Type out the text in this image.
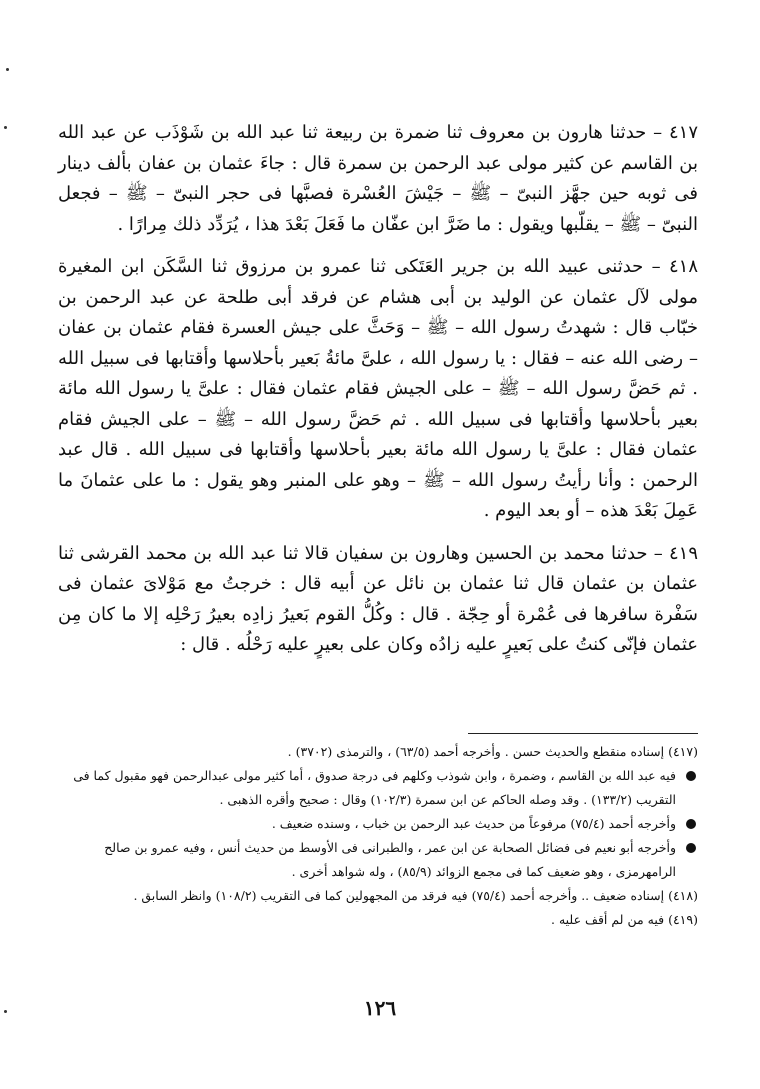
٤١٧ – حدثنا هارون بن معروف ثنا ضمرة بن ربيعة ثنا عبد الله بن شَوْذَب عن عبد الله بن القاسم عن كثير مولى عبد الرحمن بن سمرة قال : جاءَ عثمان بن عفان بألف دينار فى ثوبه حين جهَّز النبىّ – ﷺ – جَيْشَ العُسْرة فصبَّها فى حجر النبىّ – ﷺ – فجعل النبىّ – ﷺ – يقلّبها ويقول : ما ضَرَّ ابن عفّان ما فَعَلَ بَعْدَ هذا ، يُرَدِّد ذلك مِرارًا .

٤١٨ – حدثنى عبيد الله بن جرير العَتَكى ثنا عمرو بن مرزوق ثنا السَّكَن ابن المغيرة مولى لآل عثمان عن الوليد بن أبى هشام عن فرقد أبى طلحة عن عبد الرحمن بن خبّاب قال : شهدتُ رسول الله – ﷺ – وَحَثَّ على جيش العسرة فقام عثمان بن عفان – رضى الله عنه – فقال : يا رسول الله ، علىَّ مائةُ بَعير بأحلاسها وأقتابها فى سبيل الله . ثم حَضَّ رسول الله – ﷺ – على الجيش فقام عثمان فقال : علىَّ يا رسول الله مائة بعير بأحلاسها وأقتابها فى سبيل الله . ثم حَضَّ رسول الله – ﷺ – على الجيش فقام عثمان فقال : علىَّ يا رسول الله مائة بعير بأحلاسها وأقتابها فى سبيل الله . قال عبد الرحمن : وأنا رأيتُ رسول الله – ﷺ – وهو على المنبر وهو يقول : ما على عثمانَ ما عَمِلَ بَعْدَ هذه – أو بعد اليوم .

٤١٩ – حدثنا محمد بن الحسين وهارون بن سفيان قالا ثنا عبد الله بن محمد القرشى ثنا عثمان بن عثمان قال ثنا عثمان بن نائل عن أبيه قال : خرجتُ مع مَوْلاىَ عثمان فى سَفْرة سافرها فى عُمْرة أو حِجّة . قال : وكُلُّ القوم بَعيرُ زادِه بعيرُ رَحْلِه إلا ما كان مِن عثمان فإنّى كنتُ على بَعيرٍ عليه زادُه وكان على بعيرٍ عليه رَحْلُه . قال :

(٤١٧) إسناده منقطع والحديث حسن . وأخرجه أحمد (٦٣/٥) ، والترمذى (٣٧٠٢) .

فيه عبد الله بن القاسم ، وضمرة ، وابن شوذب وكلهم فى درجة صدوق ، أما كثير مولى عبدالرحمن فهو مقبول كما فى التقريب (١٣٣/٢) . وقد وصله الحاكم عن ابن سمرة (١٠٢/٣) وقال : صحيح وأقره الذهبى .
وأخرجه أحمد (٧٥/٤) مرفوعاً من حديث عبد الرحمن بن خباب ، وسنده ضعيف .
وأخرجه أبو نعيم فى فضائل الصحابة عن ابن عمر ، والطبرانى فى الأوسط من حديث أنس ، وفيه عمرو بن صالح الرامهرمزى ، وهو ضعيف كما فى مجمع الزوائد (٨٥/٩) ، وله شواهد أخرى .

(٤١٨) إسناده ضعيف .. وأخرجه أحمد (٧٥/٤) فيه فرقد من المجهولين كما فى التقريب (١٠٨/٢) وانظر السابق .

(٤١٩) فيه من لم أقف عليه .

١٢٦
